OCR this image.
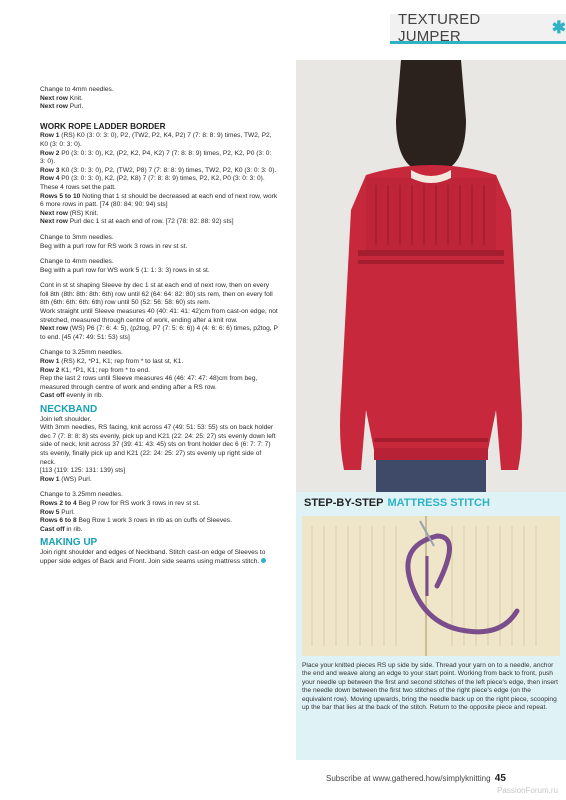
TEXTURED JUMPER	✱

Change to 4mm needles.

Next row Knit.

Next row Purl.

WORK ROPE LADDER BORDER

Row 1 (RS) K0 (3: 0: 3: 0), P2, (TW2, P2, K4, P2) 7 (7: 8: 8: 9) times, TW2, P2, K0 (3: 0: 3: 0).

Row 2 P0 (3: 0: 3: 0), K2, (P2, K2, P4, K2) 7 (7: 8: 8: 9) times, P2, K2, P0 (3: 0: 3: 0).

Row 3 K0 (3: 0: 3: 0), P2, (TW2, P8) 7 (7: 8: 8: 9) times, TW2, P2, K0 (3: 0: 3: 0).

Row 4 P0 (3: 0: 3: 0), K2, (P2, K8) 7 (7: 8: 8: 9) times, P2, K2, P0 (3: 0: 3: 0).

These 4 rows set the patt.

Rows 5 to 10 Noting that 1 st should be decreased at each end of next row, work 6 more rows in patt. [74 (80: 84: 90: 94) sts]

Next row (RS) Knit.

Next row Purl dec 1 st at each end of row. [72 (78: 82: 88: 92) sts]

Change to 3mm needles.

Beg with a purl row for RS work 3 rows in rev st st.

Change to 4mm needles.

Beg with a purl row for WS work 5 (1: 1: 3: 3) rows in st st.

Cont in st st shaping Sleeve by dec 1 st at each end of next row, then on every foll 8th (8th: 8th: 8th: 6th) row until 62 (64: 64: 82: 80) sts rem, then on every foll 8th (6th: 6th: 6th: 6th) row until 50 (52: 56: 58: 60) sts rem.

Work straight until Sleeve measures 40 (40: 41: 41: 42)cm from cast-on edge, not stretched, measured through centre of work, ending after a knit row.

Next row (WS) P6 (7: 6: 4: 5), (p2tog, P7 (7: 5: 6: 6)) 4 (4: 6: 6: 6) times, p2tog, P to end. [45 (47: 49: 51: 53) sts]

Change to 3.25mm needles.

Row 1 (RS) K2, *P1, K1; rep from * to last st, K1.

Row 2 K1, *P1, K1; rep from * to end.

Rep the last 2 rows until Sleeve measures 46 (46: 47: 47: 48)cm from beg, measured through centre of work and ending after a RS row.

Cast off evenly in rib.

NECKBAND

Join left shoulder.

With 3mm needles, RS facing, knit across 47 (49: 51: 53: 55) sts on back holder dec 7 (7: 8: 8: 8) sts evenly, pick up and K21 (22: 24: 25: 27) sts evenly down left side of neck, knit across 37 (39: 41: 43: 45) sts on front holder dec 6 (6: 7: 7: 7) sts evenly, finally pick up and K21 (22: 24: 25: 27) sts evenly up right side of neck.

[113 (119: 125: 131: 139) sts]

Row 1 (WS) Purl.

Change to 3.25mm needles.

Rows 2 to 4 Beg P row for RS work 3 rows in rev st st.

Row 5 Purl.

Rows 6 to 8 Beg Row 1 work 3 rows in rib as on cuffs of Sleeves.

Cast off in rib.

MAKING UP

Join right shoulder and edges of Neckband. Stitch cast-on edge of Sleeves to upper side edges of Back and Front. Join side seams using mattress stitch.

STEP-BY-STEP MATTRESS STITCH
Place your knitted pieces RS up side by side. Thread your yarn on to a needle, anchor the end and weave along an edge to your start point. Working from back to front, push your needle up between the first and second stitches of the left piece's edge, then insert the needle down between the first two stitches of the right piece's edge (on the equivalent row). Moving upwards, bring the needle back up on the right piece, scooping up the bar that lies at the back of the stitch. Return to the opposite piece and repeat.
Subscribe at www.gathered.how/simplyknitting 45
PassionForum.ru
